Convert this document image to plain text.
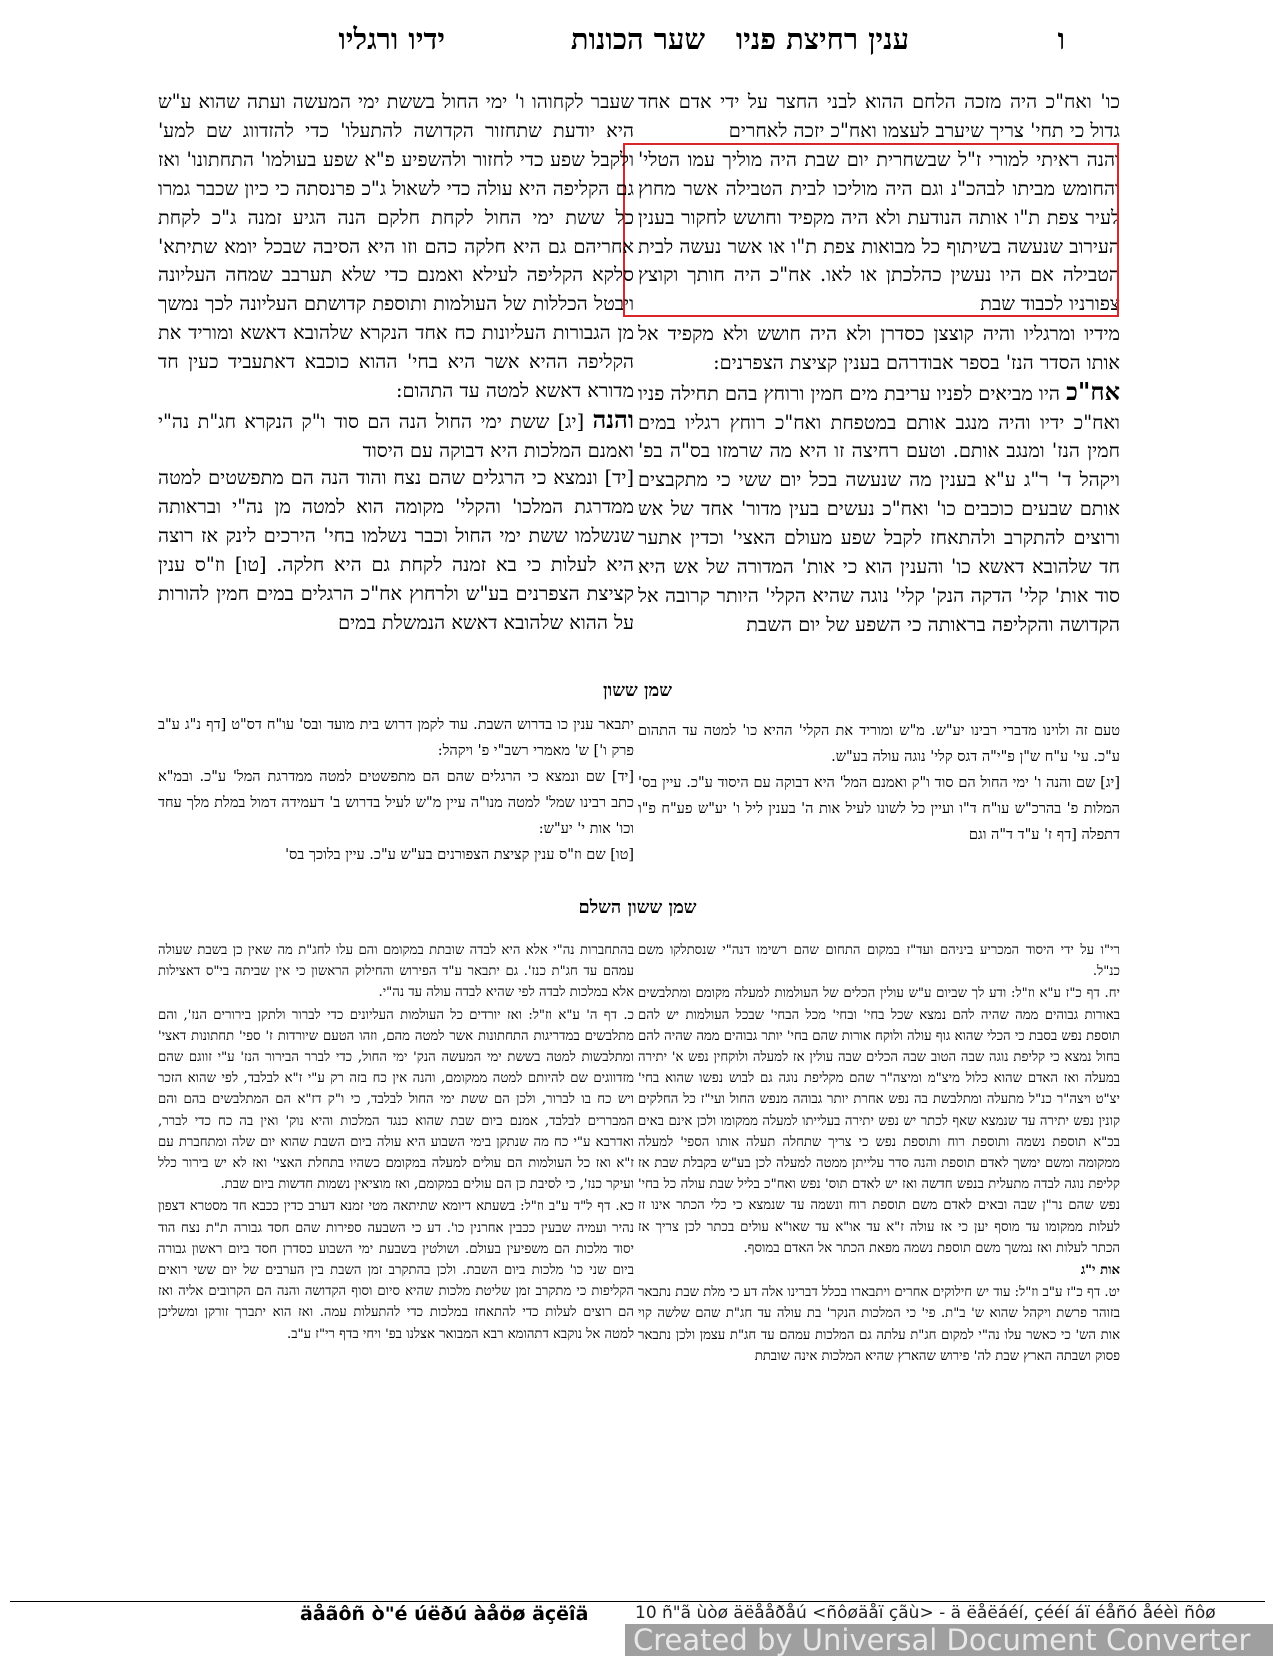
ו
ענין רחיצת פניו
שער הכונות
ידיו ורגליו

כו' ואח"כ היה מזכה הלחם ההוא לבני החצר על ידי אדם אחד גדול כי תחי' צריך שיערב לעצמו ואח"כ יזכה לאחרים

והנה ראיתי למורי ז"ל שבשחרית יום שבת היה מוליך עמו הטלי' והחומש מביתו לבהכ"נ וגם היה מוליכו לבית הטבילה אשר מחוץ לעיר צפת ת"ו אותה הנודעת ולא היה מקפיד וחושש לחקור בענין העירוב שנעשה בשיתוף כל מבואות צפת ת"ו או אשר נעשה לבית הטבילה אם היו נעשין כהלכתן או לאו. אח"כ היה חותך וקוצץ צפורניו לכבוד שבת

מידיו ומרגליו והיה קוצצן כסדרן ולא היה חושש ולא מקפיד אל אותו הסדר הנז' בספר אבודרהם בענין קציצת הצפרנים:

אח"כ היו מביאים לפניו עריבת מים חמין ורוחץ בהם תחילה פניו ואח"כ ידיו והיה מנגב אותם במטפחת ואח"כ רוחץ רגליו במים חמין הנז' ומנגב אותם. וטעם רחיצה זו היא מה שרמזו בס"ה בפ' ויקהל ד' ר"ג ע"א בענין מה שנעשה בכל יום ששי כי מתקבצים אותם שבעים כוכבים כו' ואח"כ נעשים בעין מדור' אחד של אש ורוצים להתקרב ולהתאחז לקבל שפע מעולם האצי' וכדין אתער חד שלהובא דאשא כו' והענין הוא כי אות' המדורה של אש היא סוד אות' קלי' הדקה הנק' קלי' נוגה שהיא הקלי' היותר קרובה אל הקדושה והקליפה בראותה כי השפע של יום השבת

שעבר לקחוהו ו' ימי החול בששת ימי המעשה ועתה שהוא ע"ש היא יודעת שתחזור הקדושה להתעלו' כדי להזדווג שם למע' ולקבל שפע כדי לחזור ולהשפיע פ"א שפע בעולמו' התחתונו' ואז גם הקליפה היא עולה כדי לשאול ג"כ פרנסתה כי כיון שכבר גמרו כל ששת ימי החול לקחת חלקם הנה הגיע זמנה ג"כ לקחת אחריהם גם היא חלקה כהם וזו היא הסיבה שבכל יומא שתיתא' סלקא הקליפה לעילא ואמנם כדי שלא תערבב שמחה העליונה ויבטל הכללות של העולמות ותוספת קדושתם העליונה לכך נמשך מן הגבורות העליונות כח אחד הנקרא שלהובא דאשא ומוריד את הקליפה ההיא אשר היא בחי' ההוא כוכבא דאתעביד כעין חד מדורא דאשא למטה עד התהום:

והנה [יג] ששת ימי החול הנה הם סוד ו"ק הנקרא חג"ת נה"י ואמנם המלכות היא דבוקה עם היסוד

[יד] ונמצא כי הרגלים שהם נצח והוד הנה הם מתפשטים למטה ממדרגת המלכו' והקלי' מקומה הוא למטה מן נה"י ובראותה שנשלמו ששת ימי החול וכבר נשלמו בחי' הירכים לינק אז רוצה היא לעלות כי בא זמנה לקחת גם היא חלקה. [טו] וז"ס ענין קציצת הצפרנים בע"ש ולרחוץ אח"כ הרגלים במים חמין להורות על ההוא שלהובא דאשא הנמשלת במים

שמן ששון

טעם זה ולוינו מדברי רבינו יע"ש. מ"ש ומוריד את הקלי' ההיא כו' למטה עד התהום ע"כ. עי' ע"ח ש"ן פ"י"ה דגס קלי' נוגה עולה בע"ש.

[יג] שם והנה ו' ימי החול הם סוד ו"ק ואמנם המל' היא דבוקה עם היסוד ע"כ. עיין בס' המלות פ' בהרכ"ש עו"ח ד"ו ועיין כל לשונו לעיל אות ה' בענין ליל ו' יע"ש פע"ח פ"ו דתפלה [דף ז' ע"ד ד"ה וגם

יתבאר ענין כו בדרוש השבת. עוד לקמן דרוש בית מועד ובס' עו"ח דס"ט [דף נ"ג ע"ב פרק ו'] ש' מאמרי רשב"י פ' ויקהל:

[יד] שם ונמצא כי הרגלים שהם הם מתפשטים למטה ממדרגת המל' ע"כ. ובמ"א כתב רבינו שמל' למטה מנו"ה עיין מ"ש לעיל בדרוש ב' דעמידה דמול במלת מלך עחד וכו' אות י' יע"ש:

[טו] שם וז"ס ענין קציצת הצפורנים בע"ש ע"כ. עיין בלוכך בס'

שמן ששון השלם

רי"ו על ידי היסוד המכריע ביניהם ועד"ז במקום התחום שהם רשימו דנה"י שנסתלקו משם כנ"ל.

יח. דף כ"ז ע"א וז"ל: ודע לך שביום ע"ש עולין הכלים של העולמות למעלה מקומם ומתלבשים באורות גבוהים ממה שהיה להם נמצא שכל בחי' ובחי' מכל הבחי' שבכל העולמות יש להם תוספת נפש בסבת כי הכלי שהוא גוף עולה ולוקח אורות שהם בחי' יותר גבוהים ממה שהיה להם בחול נמצא כי קליפת נוגה שבה הטוב שבה הכלים שבה עולין אז למעלה ולוקחין נפש א' יתירה במעלה ואז האדם שהוא כלול מיצ"מ ומיצה"ר שהם מקליפת נוגה גם לבוש נפשו שהוא בחי' יצ"ט ויצה"ר כנ"ל מתעלה ומתלבשת בה נפש אחרת יותר גבוהה מנפש החול ועי"ז כל החלקים קונין נפש יתירה עד שנמצא שאף לכתר יש נפש יתירה בעלייתו למעלה ממקומו ולכן אינם באים בכ"א תוספת נשמה ותוספת רוח ותוספת נפש כי צריך שתחלה תעלה אותו הספי' למעלה ממקומה ומשם ימשך לאדם תוספת והנה סדר עלייתן ממטה למעלה לכן בע"ש בקבלת שבת אז קליפת נוגה לבדה מתעלית בנפש חדשה ואז יש לאדם תוס' נפש ואח"כ בליל שבת עולה כל בחי' נפש שהם נר"ן שבה ובאים לאדם משם תוספת רוח ונשמה עד שנמצא כי כלי הכתר אינו זז לעלות ממקומו עד מוסף יען כי אז עולה ז"א עד או"א עד שאו"א עולים בכתר לכן צריך אז הכתר לעלות ואז נמשך משם תוספת נשמה מפאת הכתר אל האדם במוסף.

אות י"ג

יט. דף כ"ז ע"ב וז"ל: עוד יש חילוקים אחרים ויתבארו בכלל דברינו אלה דע כי מלת שבת נתבאר בזוהר פרשת ויקהל שהוא ש' ב"ת. פי' כי המלכות הנקר' בת עולה עד חג"ת שהם שלשה קוי אות הש' כי כאשר עלו נה"י למקום חג"ת עלתה גם המלכות עמהם עד חג"ת עצמן ולכן נתבאר פסוק ושבתה הארץ שבת לה' פירוש שהארץ שהיא המלכות אינה שובתת

בהתחברות נה"י אלא היא לבדה שובתת במקומם והם עלו לחג"ת מה שאין כן בשבת שעולה עמהם עד חג"ת כנז'. גם יתבאר ע"ד הפירוש והחילוק הראשון כי אין שביתה בי"ס דאצילות אלא במלכות לבדה לפי שהיא לבדה עולה עד נה"י.

כ. דף ה' ע"א וז"ל: ואז יורדים כל העולמות העליונים כדי לברור ולתקן בירורים הנז', והם מתלבשים במדריגות התחתונות אשר למטה מהם, וזהו הטעם שיורדות ז' ספי' תחתונות דאצי' ומתלבשות למטה בששת ימי המעשה הנק' ימי החול, כדי לברר הבירור הנז' ע"י זווגם שהם מזדווגים שם להיותם למטה ממקומם, והנה אין כח בזה רק ע"י ז"א לבלבד, לפי שהוא הזכר ויש כח בו לברור, ולכן הם ששת ימי החול לבלבד, כי ו"ק דז"א הם המתלבשים בהם והם המבררים לבלבד, אמנם ביום שבת שהוא כנגד המלכות והיא נוק' ואין בה כח כדי לברר, ואדרבא ע"י כח מה שנתקן בימי השבוע היא עולה ביום השבת שהוא יום שלה ומתחברת עם ז"א ואז כל העולמות הם עולים למעלה במקומם כשהיו בתחלת האצי' ואז לא יש בירור כלל ועיקר כנז', כי לסיבת כן הם עולים במקומם, ואז מוציאין נשמות חדשות ביום שבת.

כא. דף ל"ד ע"ב וז"ל: בשעתא דיומא שתיתאה מטי זמנא דערב כדין ככבא חד מסטרא דצפון נהיר ועמיה שבעין ככבין אחרנין כו'. דע כי השבעה ספירות שהם חסד גבורה ת"ת נצח הוד יסוד מלכות הם משפיעין בעולם. ושולטין בשבעת ימי השבוע כסדרן חסד ביום ראשון גבורה ביום שני כו' מלכות ביום השבת. ולכן בהתקרב זמן השבת בין הערבים של יום ששי רואים הקליפות כי מתקרב זמן שליטת מלכות שהיא סיום וסוף הקדושה והנה הם הקרובים אליה ואז הם רוצים לעלות כדי להתאחז במלכות כדי להתעלות עמה. ואז הוא יתברך זורקן ומשליכן למטה אל נוקבא דתהומא רבא המבואר אצלנו בפ' ויחי בדף רי"ז ע"ב.

äåãôñ ò"é úëðú àåöø äçëîä	10 ñ"ã ùòø äëååðåú <ñôøäåï çãù> - ä ëåëáéí, çééí áï éåñó åéèì ñôø
Created by Universal Document Converter
